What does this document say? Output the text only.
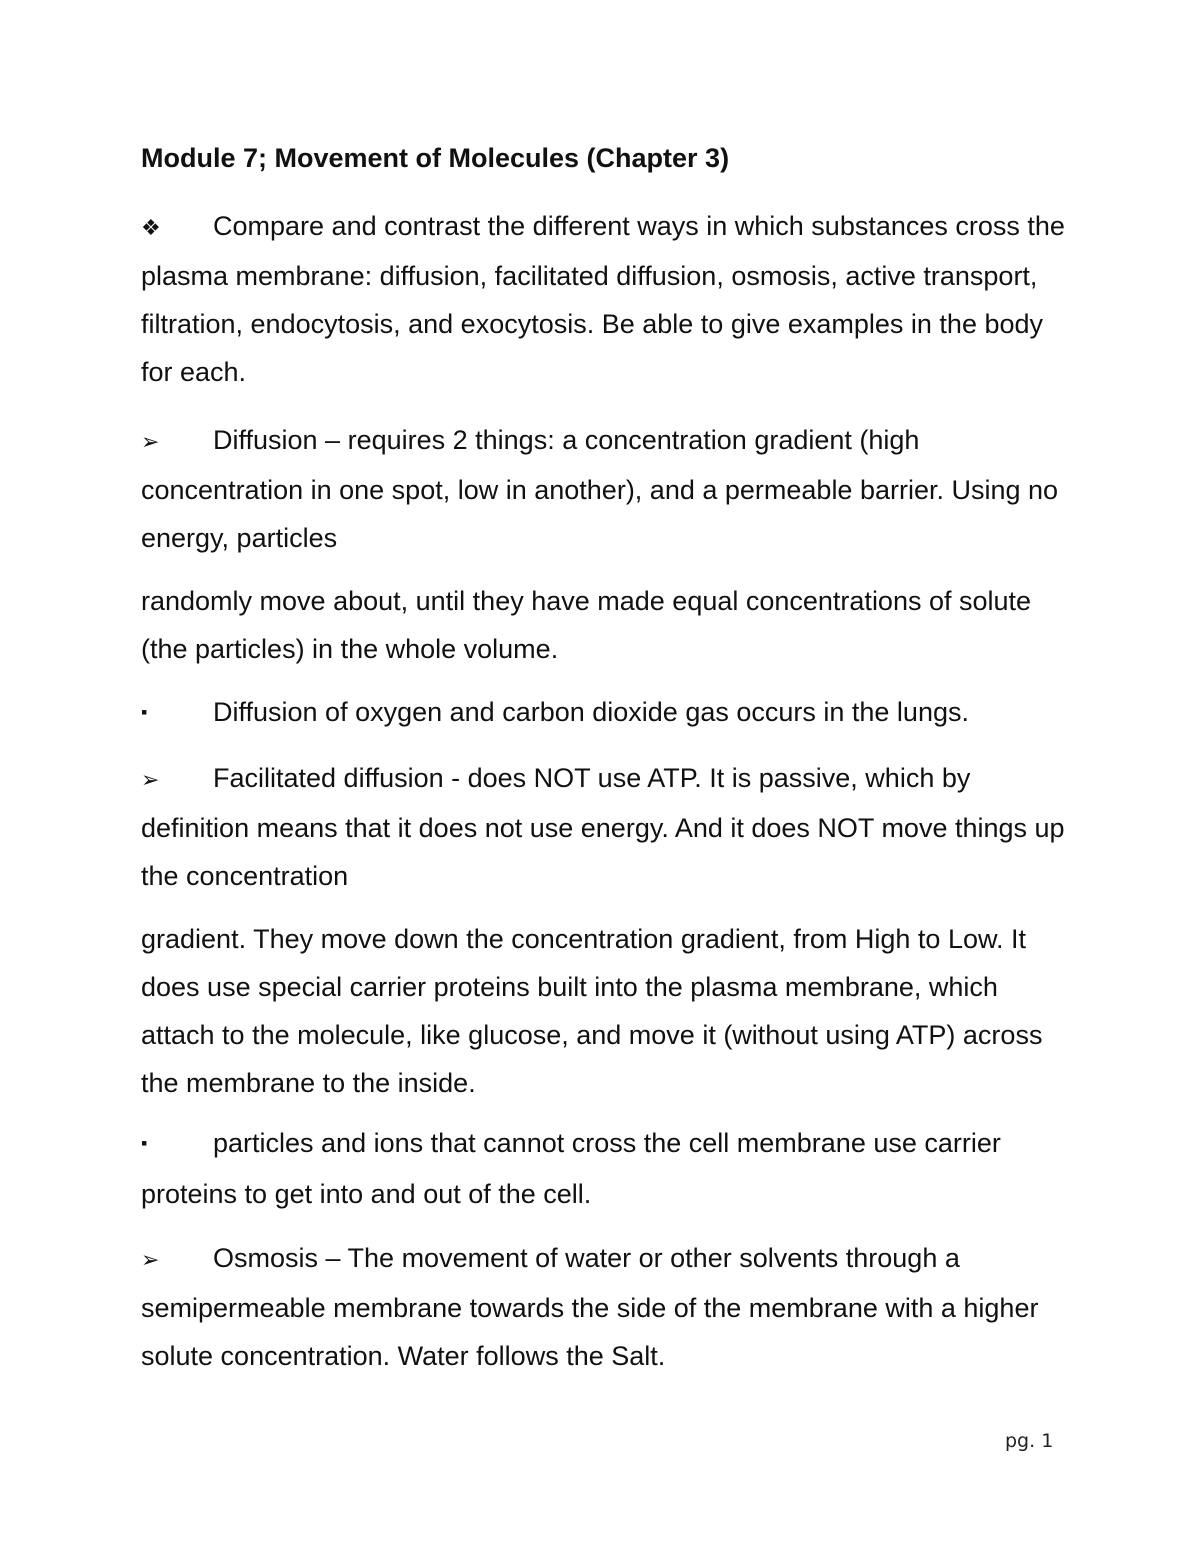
Module 7; Movement of Molecules (Chapter 3)
❖ Compare and contrast the different ways in which substances cross the plasma membrane: diffusion, facilitated diffusion, osmosis, active transport, filtration, endocytosis, and exocytosis. Be able to give examples in the body for each.
➢ Diffusion – requires 2 things: a concentration gradient (high concentration in one spot, low in another), and a permeable barrier. Using no energy, particles
randomly move about, until they have made equal concentrations of solute (the particles) in the whole volume.
▪ Diffusion of oxygen and carbon dioxide gas occurs in the lungs.
➢ Facilitated diffusion - does NOT use ATP. It is passive, which by definition means that it does not use energy. And it does NOT move things up the concentration
gradient. They move down the concentration gradient, from High to Low. It does use special carrier proteins built into the plasma membrane, which attach to the molecule, like glucose, and move it (without using ATP) across the membrane to the inside.
▪ particles and ions that cannot cross the cell membrane use carrier proteins to get into and out of the cell.
➢ Osmosis – The movement of water or other solvents through a semipermeable membrane towards the side of the membrane with a higher solute concentration. Water follows the Salt.
pg. 1
